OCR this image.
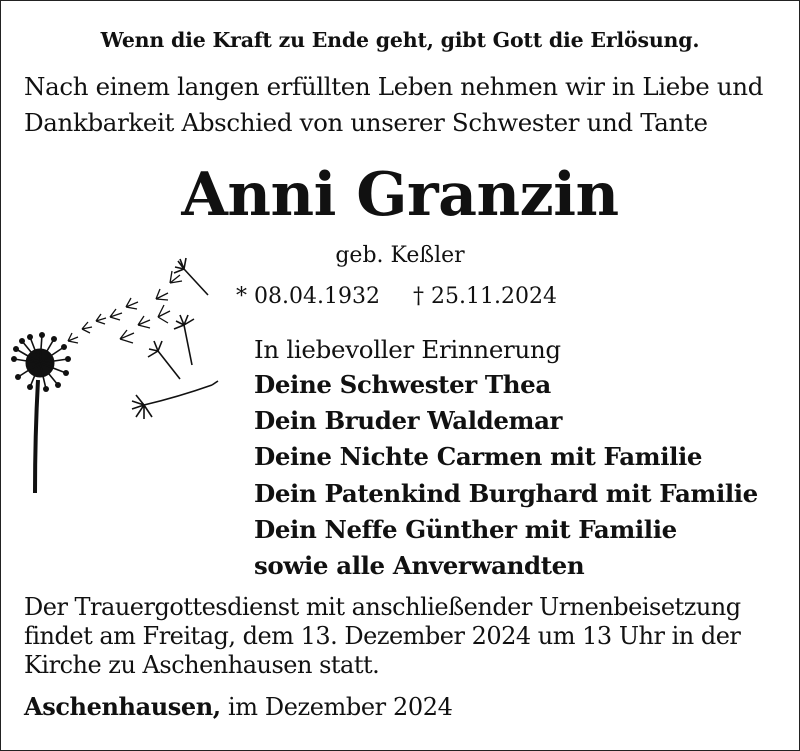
Wenn die Kraft zu Ende geht, gibt Gott die Erlösung.
Nach einem langen erfüllten Leben nehmen wir in Liebe und
Dankbarkeit Abschied von unserer Schwester und Tante
Anni Granzin
geb. Keßler
* 08.04.1932 † 25.11.2024
In liebevoller Erinnerung
Deine Schwester Thea
Dein Bruder Waldemar
Deine Nichte Carmen mit Familie
Dein Patenkind Burghard mit Familie
Dein Neffe Günther mit Familie
sowie alle Anverwandten
Der Trauergottesdienst mit anschließender Urnenbeisetzung
findet am Freitag, dem 13. Dezember 2024 um 13 Uhr in der
Kirche zu Aschenhausen statt.
Aschenhausen, im Dezember 2024
